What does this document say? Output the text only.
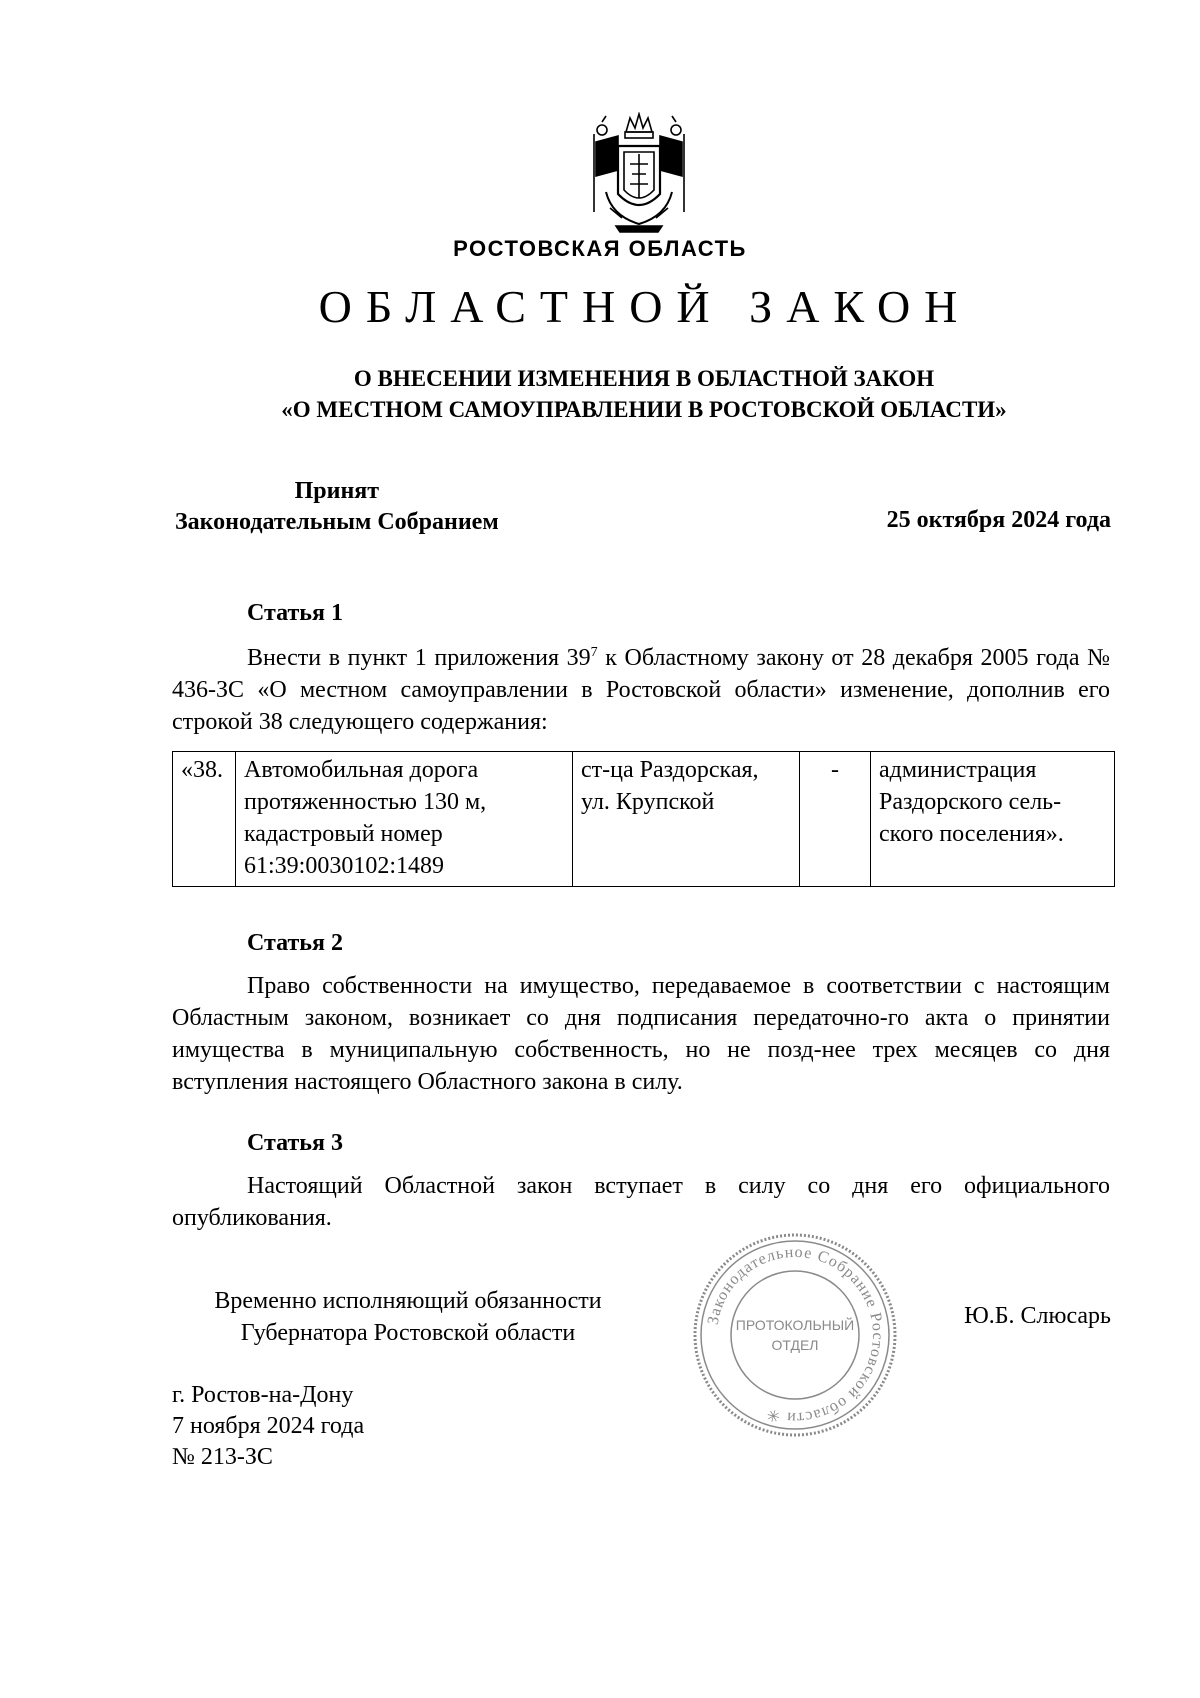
РОСТОВСКАЯ ОБЛАСТЬ
ОБЛАСТНОЙ ЗАКОН
О ВНЕСЕНИИ ИЗМЕНЕНИЯ В ОБЛАСТНОЙ ЗАКОН
«О МЕСТНОМ САМОУПРАВЛЕНИИ В РОСТОВСКОЙ ОБЛАСТИ»
Принят
Законодательным Собранием	25 октября 2024 года
Статья 1

Внести в пункт 1 приложения $39^7$ к Областному закону от 28 декабря 2005 года № 436-ЗС «О местном самоуправлении в Ростовской области» изменение, дополнив его строкой 38 следующего содержания:

«38.	Автомобильная дорога протяженностью 130 м, кадастровый номер 61:39:0030102:1489	ст-ца Раздорская, ул. Крупской	-	администрация Раздорского сель-ского поселения».
Статья 2

Право собственности на имущество, передаваемое в соответствии с настоящим Областным законом, возникает со дня подписания передаточно-го акта о принятии имущества в муниципальную собственность, но не позд-нее трех месяцев со дня вступления настоящего Областного закона в силу.

Статья 3

Настоящий Областной закон вступает в силу со дня его официального опубликования.

Временно исполняющий обязанности
Губернатора Ростовской области
Законодательное Собрание Ростовской области ✳
ПРОТОКОЛЬНЫЙ
ОТДЕЛ
Ю.Б. Слюсарь
г. Ростов-на-Дону
7 ноября 2024 года
№ 213-ЗС
